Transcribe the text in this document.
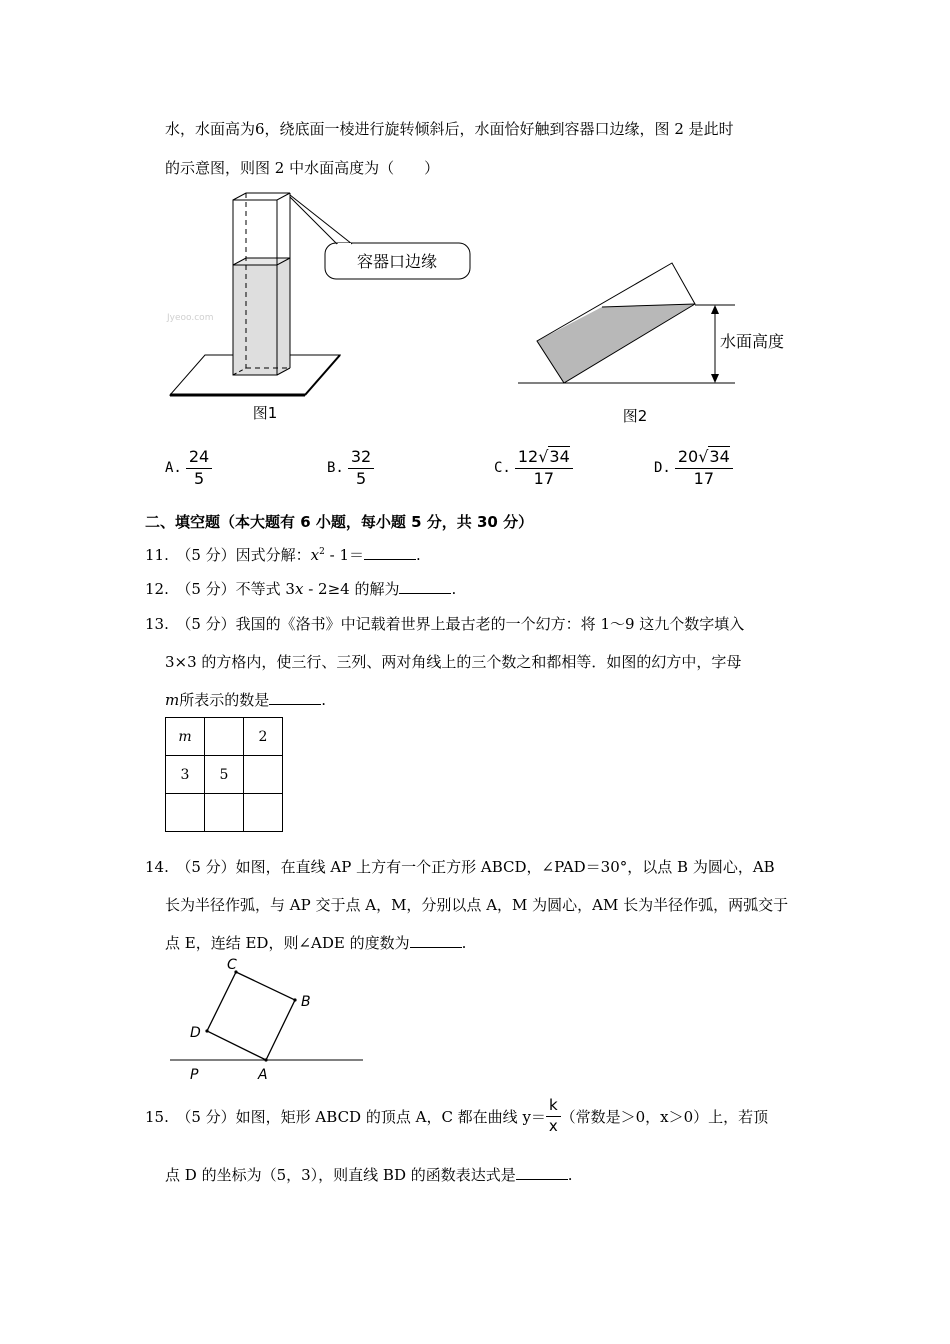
水，水面高为6，绕底面一棱进行旋转倾斜后，水面恰好触到容器口边缘，图 2 是此时
的示意图，则图 2 中水面高度为（　　）
Jyeoo.com
容器口边缘
图1
水面高度
图2
A. $\frac{24}{5}$	B. $\frac{32}{5}$	C. $\frac{12√34}{17}$	D. $\frac{20√34}{17}$
二、填空题（本大题有 6 小题，每小题 5 分，共 30 分）
11.　（5 分）因式分解：$x^2 - 1=$	.
12.　（5 分）不等式 3x - 2≥4 的解为	.
13.　（5 分）我国的《洛书》中记载着世界上最古老的一个幻方：将 1～9 这九个数字填入
3×3 的方格内，使三行、三列、两对角线上的三个数之和都相等．如图的幻方中，字母
m所表示的数是	.
m		2
3	5	

14.　（5 分）如图，在直线 AP 上方有一个正方形 ABCD，∠PAD＝30°，以点 B 为圆心，AB
长为半径作弧，与 AP 交于点 A，M，分别以点 A，M 为圆心，AM 长为半径作弧，两弧交于
点 E，连结 ED，则∠ADE 的度数为	.
C
B
D
P	A
15.　（5 分）如图，矩形 ABCD 的顶点 A，C 都在曲线 $y= \frac{k}{x}$ （常数是＞0，x＞0）上，若顶
点 D 的坐标为（5，3），则直线 BD 的函数表达式是	.
